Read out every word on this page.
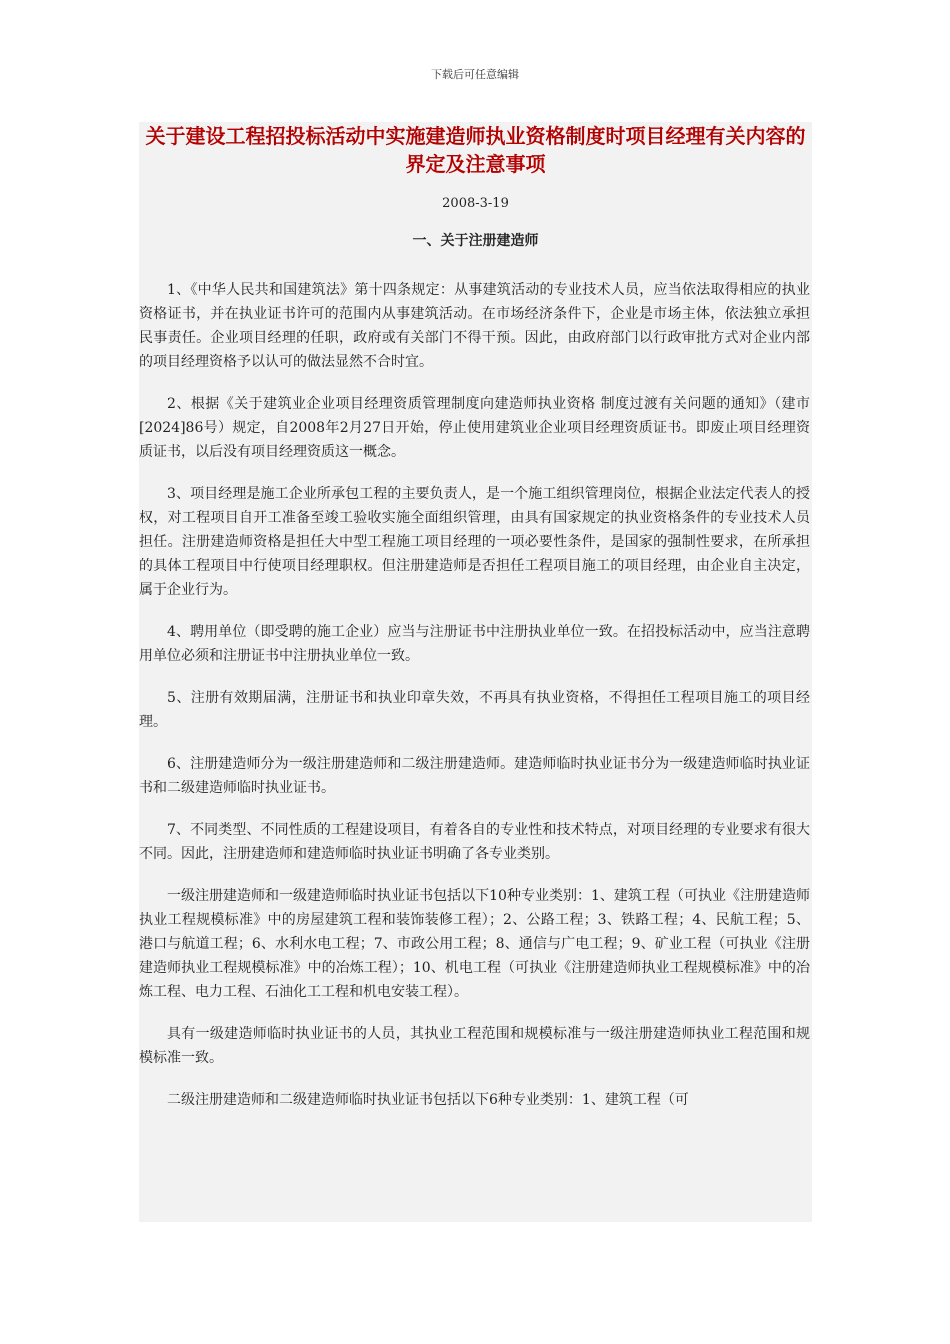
下载后可任意编辑
关于建设工程招投标活动中实施建造师执业资格制度时项目经理有关内容的界定及注意事项
2008-3-19
一、关于注册建造师

1、《中华人民共和国建筑法》第十四条规定：从事建筑活动的专业技术人员，应当依法取得相应的执业资格证书，并在执业证书许可的范围内从事建筑活动。在市场经济条件下，企业是市场主体，依法独立承担民事责任。企业项目经理的任职，政府或有关部门不得干预。因此，由政府部门以行政审批方式对企业内部的项目经理资格予以认可的做法显然不合时宜。

2、根据《关于建筑业企业项目经理资质管理制度向建造师执业资格 制度过渡有关问题的通知》（建市[2024]86号）规定，自2008年2月27日开始，停止使用建筑业企业项目经理资质证书。即废止项目经理资质证书，以后没有项目经理资质这一概念。

3、项目经理是施工企业所承包工程的主要负责人，是一个施工组织管理岗位，根据企业法定代表人的授权，对工程项目自开工准备至竣工验收实施全面组织管理，由具有国家规定的执业资格条件的专业技术人员担任。注册建造师资格是担任大中型工程施工项目经理的一项必要性条件，是国家的强制性要求，在所承担的具体工程项目中行使项目经理职权。但注册建造师是否担任工程项目施工的项目经理，由企业自主决定，属于企业行为。

4、聘用单位（即受聘的施工企业）应当与注册证书中注册执业单位一致。在招投标活动中，应当注意聘用单位必须和注册证书中注册执业单位一致。

5、注册有效期届满，注册证书和执业印章失效，不再具有执业资格，不得担任工程项目施工的项目经理。

6、注册建造师分为一级注册建造师和二级注册建造师。建造师临时执业证书分为一级建造师临时执业证书和二级建造师临时执业证书。

7、不同类型、不同性质的工程建设项目，有着各自的专业性和技术特点，对项目经理的专业要求有很大不同。因此，注册建造师和建造师临时执业证书明确了各专业类别。

一级注册建造师和一级建造师临时执业证书包括以下10种专业类别：1、建筑工程（可执业《注册建造师执业工程规模标准》中的房屋建筑工程和装饰装修工程）；2、公路工程；3、铁路工程；4、民航工程；5、港口与航道工程；6、水利水电工程；7、市政公用工程；8、通信与广电工程；9、矿业工程（可执业《注册建造师执业工程规模标准》中的冶炼工程）；10、机电工程（可执业《注册建造师执业工程规模标准》中的冶炼工程、电力工程、石油化工工程和机电安装工程）。

具有一级建造师临时执业证书的人员，其执业工程范围和规模标准与一级注册建造师执业工程范围和规模标准一致。

二级注册建造师和二级建造师临时执业证书包括以下6种专业类别：1、建筑工程（可
